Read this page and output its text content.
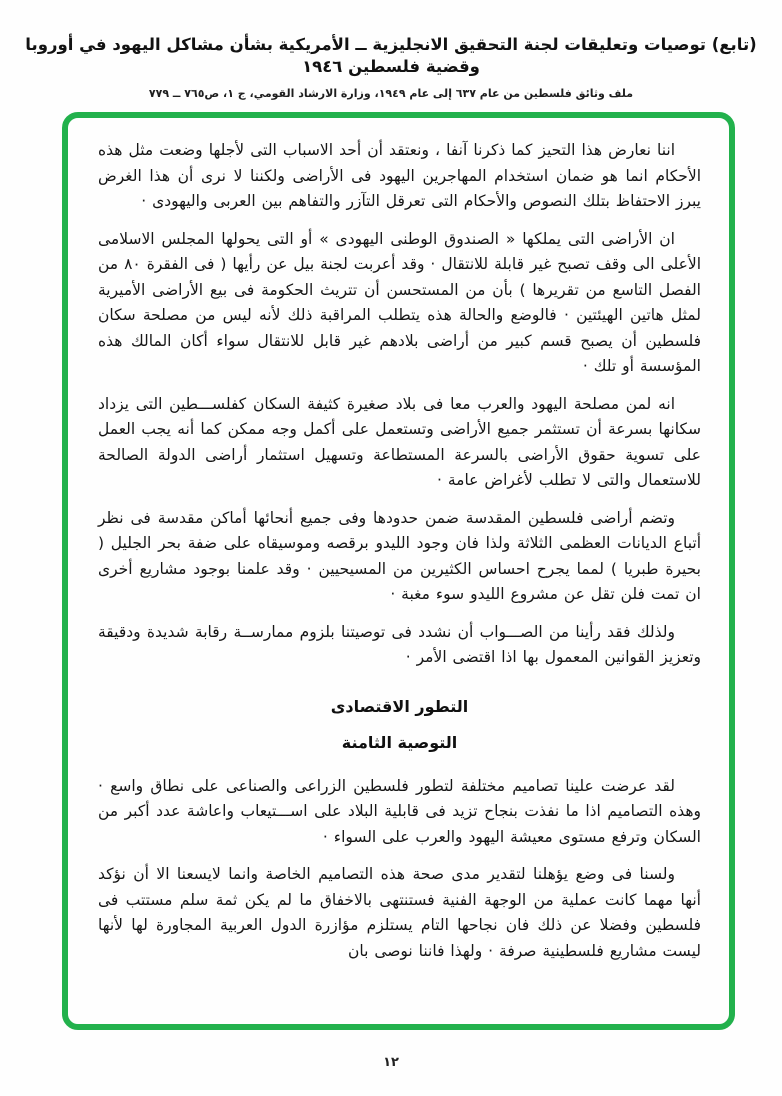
(تابع) توصيات وتعليقات لجنة التحقيق الانجليزية ــ الأمريكية بشأن مشاكل اليهود في أوروبا وقضية فلسطين ١٩٤٦
ملف وثائق فلسطين من عام ٦٣٧ إلى عام ١٩٤٩، وزارة الارشاد القومي، ج ١، ص٧٦٥ ــ ٧٧٩

اننا نعارض هذا التحيز كما ذكرنا آنفا ، ونعتقد أن أحد الاسباب التى لأجلها وضعت مثل هذه الأحكام انما هو ضمان استخدام المهاجرين اليهود فى الأراضى ولكننا لا نرى أن هذا الغرض يبرز الاحتفاظ بتلك النصوص والأحكام التى تعرقل التآزر والتفاهم بين العربى واليهودى ·

ان الأراضى التى يملكها « الصندوق الوطنى اليهودى » أو التى يحولها المجلس الاسلامى الأعلى الى وقف تصبح غير قابلة للانتقال · وقد أعربت لجنة بيل عن رأيها ( فى الفقرة ٨٠ من الفصل التاسع من تقريرها ) بأن من المستحسن أن تتريث الحكومة فى بيع الأراضى الأميرية لمثل هاتين الهيئتين · فالوضع والحالة هذه يتطلب المراقبة ذلك لأنه ليس من مصلحة سكان فلسطين أن يصبح قسم كبير من أراضى بلادهم غير قابل للانتقال سواء أكان المالك هذه المؤسسة أو تلك ·

انه لمن مصلحة اليهود والعرب معا فى بلاد صغيرة كثيفة السكان كفلســـطين التى يزداد سكانها بسرعة أن تستثمر جميع الأراضى وتستعمل على أكمل وجه ممكن كما أنه يجب العمل على تسوية حقوق الأراضى بالسرعة المستطاعة وتسهيل استثمار أراضى الدولة الصالحة للاستعمال والتى لا تطلب لأغراض عامة ·

وتضم أراضى فلسطين المقدسة ضمن حدودها وفى جميع أنحائها أماكن مقدسة فى نظر أتباع الديانات العظمى الثلاثة ولذا فان وجود الليدو برقصه وموسيقاه على ضفة بحر الجليل ( بحيرة طبريا ) لمما يجرح احساس الكثيرين من المسيحيين · وقد علمنا بوجود مشاريع أخرى ان تمت فلن تقل عن مشروع الليدو سوء مغبة ·

ولذلك فقد رأينا من الصـــواب أن نشدد فى توصيتنا بلزوم ممارســة رقابة شديدة ودقيقة وتعزيز القوانين المعمول بها اذا اقتضى الأمر ·

التطور الاقتصادى
التوصية الثامنة

لقد عرضت علينا تصاميم مختلفة لتطور فلسطين الزراعى والصناعى على نطاق واسع · وهذه التصاميم اذا ما نفذت بنجاح تزيد فى قابلية البلاد على اســـتيعاب واعاشة عدد أكبر من السكان وترفع مستوى معيشة اليهود والعرب على السواء ·

ولسنا فى وضع يؤهلنا لتقدير مدى صحة هذه التصاميم الخاصة وانما لايسعنا الا أن نؤكد أنها مهما كانت عملية من الوجهة الفنية فستنتهى بالاخفاق ما لم يكن ثمة سلم مستتب فى فلسطين وفضلا عن ذلك فان نجاحها التام يستلزم مؤازرة الدول العربية المجاورة لها لأنها ليست مشاريع فلسطينية صرفة · ولهذا فاننا نوصى بان

١٢
